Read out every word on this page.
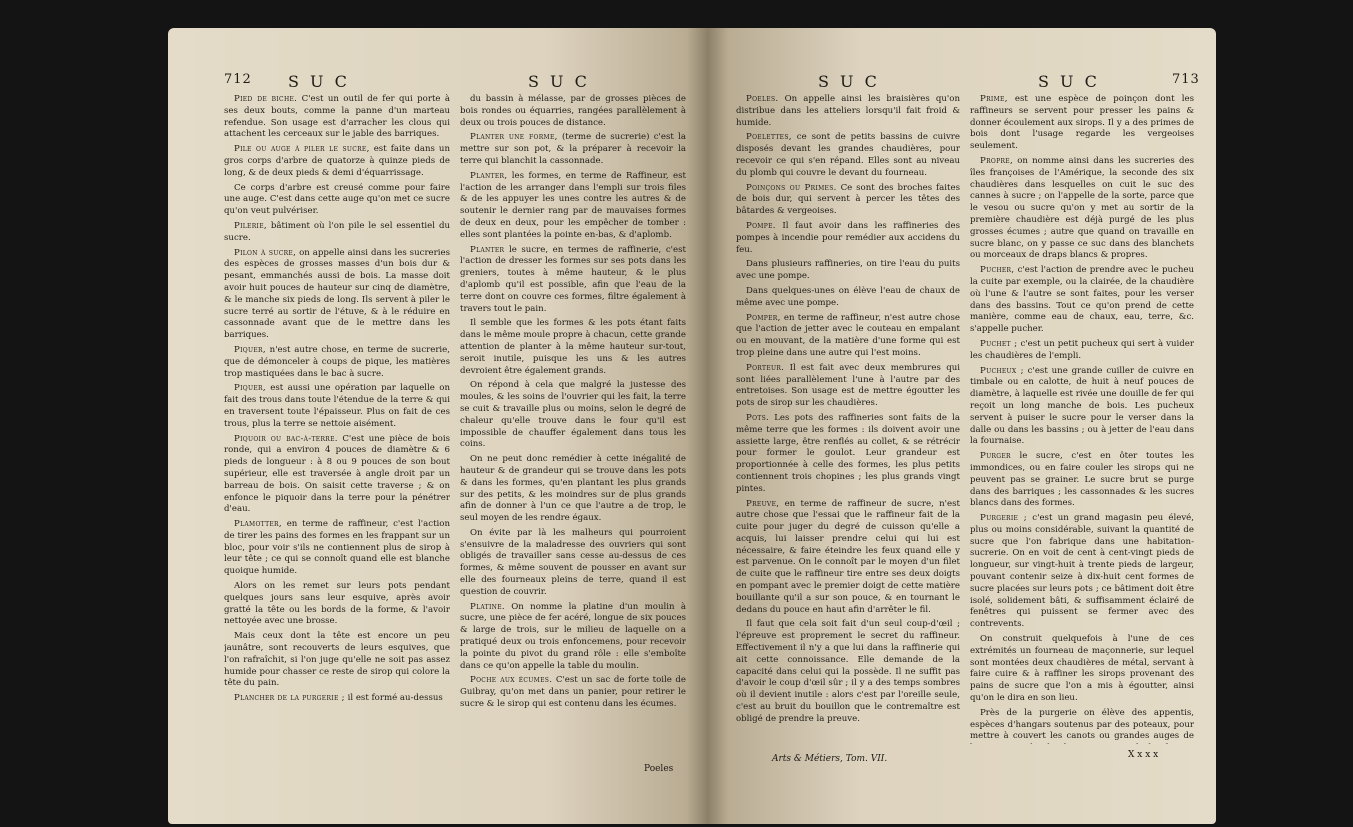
712 S U C	S U C

Pied de biche. C'est un outil de fer qui porte à ses deux bouts, comme la panne d'un marteau refendue. Son usage est d'arracher les clous qui attachent les cerceaux sur le jable des barriques.

Pile ou auge à piler le sucre, est faite dans un gros corps d'arbre de quatorze à quinze pieds de long, & de deux pieds & demi d'équarrissage.

Ce corps d'arbre est creusé comme pour faire une auge. C'est dans cette auge qu'on met ce sucre qu'on veut pulvériser.

Pilerie, bâtiment où l'on pile le sel essentiel du sucre.

Pilon à sucre, on appelle ainsi dans les sucreries des espèces de grosses masses d'un bois dur & pesant, emmanchés aussi de bois. La masse doit avoir huit pouces de hauteur sur cinq de diamètre, & le manche six pieds de long. Ils servent à piler le sucre terré au sortir de l'étuve, & à le réduire en cassonnade avant que de le mettre dans les barriques.

Piquer, n'est autre chose, en terme de sucrerie, que de démonceler à coups de pique, les matières trop mastiquées dans le bac à sucre.

Piquer, est aussi une opération par laquelle on fait des trous dans toute l'étendue de la terre & qui en traversent toute l'épaisseur. Plus on fait de ces trous, plus la terre se nettoie aisément.

Piquoir ou bac-à-terre. C'est une pièce de bois ronde, qui a environ 4 pouces de diamètre & 6 pieds de longueur : à 8 ou 9 pouces de son bout supérieur, elle est traversée à angle droit par un barreau de bois. On saisit cette traverse ; & on enfonce le piquoir dans la terre pour la pénétrer d'eau.

Plamotter, en terme de raffineur, c'est l'action de tirer les pains des formes en les frappant sur un bloc, pour voir s'ils ne contiennent plus de sirop à leur tête ; ce qui se connoît quand elle est blanche quoique humide.

Alors on les remet sur leurs pots pendant quelques jours sans leur esquive, après avoir gratté la tête ou les bords de la forme, & l'avoir nettoyée avec une brosse.

Mais ceux dont la tête est encore un peu jaunâtre, sont recouverts de leurs esquives, que l'on rafraîchit, si l'on juge qu'elle ne soit pas assez humide pour chasser ce reste de sirop qui colore la tête du pain.

Plancher de la purgerie ; il est formé au-dessus

du bassin à mélasse, par de grosses pièces de bois rondes ou équarries, rangées parallèlement à deux ou trois pouces de distance.

Planter une forme, (terme de sucrerie) c'est la mettre sur son pot, & la préparer à recevoir la terre qui blanchit la cassonnade.

Planter, les formes, en terme de Raffineur, est l'action de les arranger dans l'empli sur trois files & de les appuyer les unes contre les autres & de soutenir le dernier rang par de mauvaises formes de deux en deux, pour les empêcher de tomber : elles sont plantées la pointe en-bas, & d'aplomb.

Planter le sucre, en termes de raffinerie, c'est l'action de dresser les formes sur ses pots dans les greniers, toutes à même hauteur, & le plus d'aplomb qu'il est possible, afin que l'eau de la terre dont on couvre ces formes, filtre également à travers tout le pain.

Il semble que les formes & les pots étant faits dans le même moule propre à chacun, cette grande attention de planter à la même hauteur sur-tout, seroit inutile, puisque les uns & les autres devroient être également grands.

On répond à cela que malgré la justesse des moules, & les soins de l'ouvrier qui les fait, la terre se cuit & travaille plus ou moins, selon le degré de chaleur qu'elle trouve dans le four qu'il est impossible de chauffer également dans tous les coins.

On ne peut donc remédier à cette inégalité de hauteur & de grandeur qui se trouve dans les pots & dans les formes, qu'en plantant les plus grands sur des petits, & les moindres sur de plus grands afin de donner à l'un ce que l'autre a de trop, le seul moyen de les rendre égaux.

On évite par là les malheurs qui pourroient s'ensuivre de la maladresse des ouvriers qui sont obligés de travailler sans cesse au-dessus de ces formes, & même souvent de pousser en avant sur elle des fourneaux pleins de terre, quand il est question de couvrir.

Platine. On nomme la platine d'un moulin à sucre, une pièce de fer acéré, longue de six pouces & large de trois, sur le milieu de laquelle on a pratiqué deux ou trois enfoncemens, pour recevoir la pointe du pivot du grand rôle : elle s'emboîte dans ce qu'on appelle la table du moulin.

Poche aux écumes. C'est un sac de forte toile de Guibray, qu'on met dans un panier, pour retirer le sucre & le sirop qui est contenu dans les écumes.

Poeles
S U C	S U C	713

Poeles. On appelle ainsi les braisières qu'on distribue dans les atteliers lorsqu'il fait froid & humide.

Poelettes, ce sont de petits bassins de cuivre disposés devant les grandes chaudières, pour recevoir ce qui s'en répand. Elles sont au niveau du plomb qui couvre le devant du fourneau.

Poinçons ou Primes. Ce sont des broches faites de bois dur, qui servent à percer les têtes des bâtardes & vergeoises.

Pompe. Il faut avoir dans les raffineries des pompes à incendie pour remédier aux accidens du feu.

Dans plusieurs raffineries, on tire l'eau du puits avec une pompe.

Dans quelques-unes on élève l'eau de chaux de même avec une pompe.

Pomper, en terme de raffineur, n'est autre chose que l'action de jetter avec le couteau en empalant ou en mouvant, de la matière d'une forme qui est trop pleine dans une autre qui l'est moins.

Porteur. Il est fait avec deux membrures qui sont liées parallèlement l'une à l'autre par des entretoises. Son usage est de mettre égoutter les pots de sirop sur les chaudières.

Pots. Les pots des raffineries sont faits de la même terre que les formes : ils doivent avoir une assiette large, être renflés au collet, & se rétrécir pour former le goulot. Leur grandeur est proportionnée à celle des formes, les plus petits contiennent trois chopines ; les plus grands vingt pintes.

Preuve, en terme de raffineur de sucre, n'est autre chose que l'essai que le raffineur fait de la cuite pour juger du degré de cuisson qu'elle a acquis, lui laisser prendre celui qui lui est nécessaire, & faire éteindre les feux quand elle y est parvenue. On le connoît par le moyen d'un filet de cuite que le raffineur tire entre ses deux doigts en pompant avec le premier doigt de cette matière bouillante qu'il a sur son pouce, & en tournant le dedans du pouce en haut afin d'arrêter le fil.

Il faut que cela soit fait d'un seul coup-d'œil ; l'épreuve est proprement le secret du raffineur. Effectivement il n'y a que lui dans la raffinerie qui ait cette connoissance. Elle demande de la capacité dans celui qui la possède. Il ne suffit pas d'avoir le coup d'œil sûr ; il y a des temps sombres où il devient inutile : alors c'est par l'oreille seule, c'est au bruit du bouillon que le contremaître est obligé de prendre la preuve.

Prime, est une espèce de poinçon dont les raffineurs se servent pour presser les pains & donner écoulement aux sirops. Il y a des primes de bois dont l'usage regarde les vergeoises seulement.

Propre, on nomme ainsi dans les sucreries des îles françoises de l'Amérique, la seconde des six chaudières dans lesquelles on cuit le suc des cannes à sucre ; on l'appelle de la sorte, parce que le vesou ou sucre qu'on y met au sortir de la première chaudière est déjà purgé de les plus grosses écumes ; autre que quand on travaille en sucre blanc, on y passe ce suc dans des blanchets ou morceaux de draps blancs & propres.

Pucher, c'est l'action de prendre avec le pucheu la cuite par exemple, ou la clairée, de la chaudière où l'une & l'autre se sont faites, pour les verser dans des bassins. Tout ce qu'on prend de cette manière, comme eau de chaux, eau, terre, &c. s'appelle pucher.

Puchet ; c'est un petit pucheux qui sert à vuider les chaudières de l'empli.

Pucheux ; c'est une grande cuiller de cuivre en timbale ou en calotte, de huit à neuf pouces de diamètre, à laquelle est rivée une douille de fer qui reçoit un long manche de bois. Les pucheux servent à puiser le sucre pour le verser dans la dalle ou dans les bassins ; ou à jetter de l'eau dans la fournaise.

Purger le sucre, c'est en ôter toutes les immondices, ou en faire couler les sirops qui ne peuvent pas se grainer. Le sucre brut se purge dans des barriques ; les cassonnades & les sucres blancs dans des formes.

Purgerie ; c'est un grand magasin peu élevé, plus ou moins considérable, suivant la quantité de sucre que l'on fabrique dans une habitation-sucrerie. On en voit de cent à cent-vingt pieds de longueur, sur vingt-huit à trente pieds de largeur, pouvant contenir seize à dix-huit cent formes de sucre placées sur leurs pots ; ce bâtiment doit être isolé, solidement bâti, & suffisamment éclairé de fenêtres qui puissent se fermer avec des contrevents.

On construit quelquefois à l'une de ces extrémités un fourneau de maçonnerie, sur lequel sont montées deux chaudières de métal, servant à faire cuire & à raffiner les sirops provenant des pains de sucre que l'on a mis à égoutter, ainsi qu'on le dira en son lieu.

Près de la purgerie on élève des appentis, espèces d'hangars soutenus par des poteaux, pour mettre à couvert les canots ou grandes auges de

Arts & Métiers, Tom. VII.	X x x x
